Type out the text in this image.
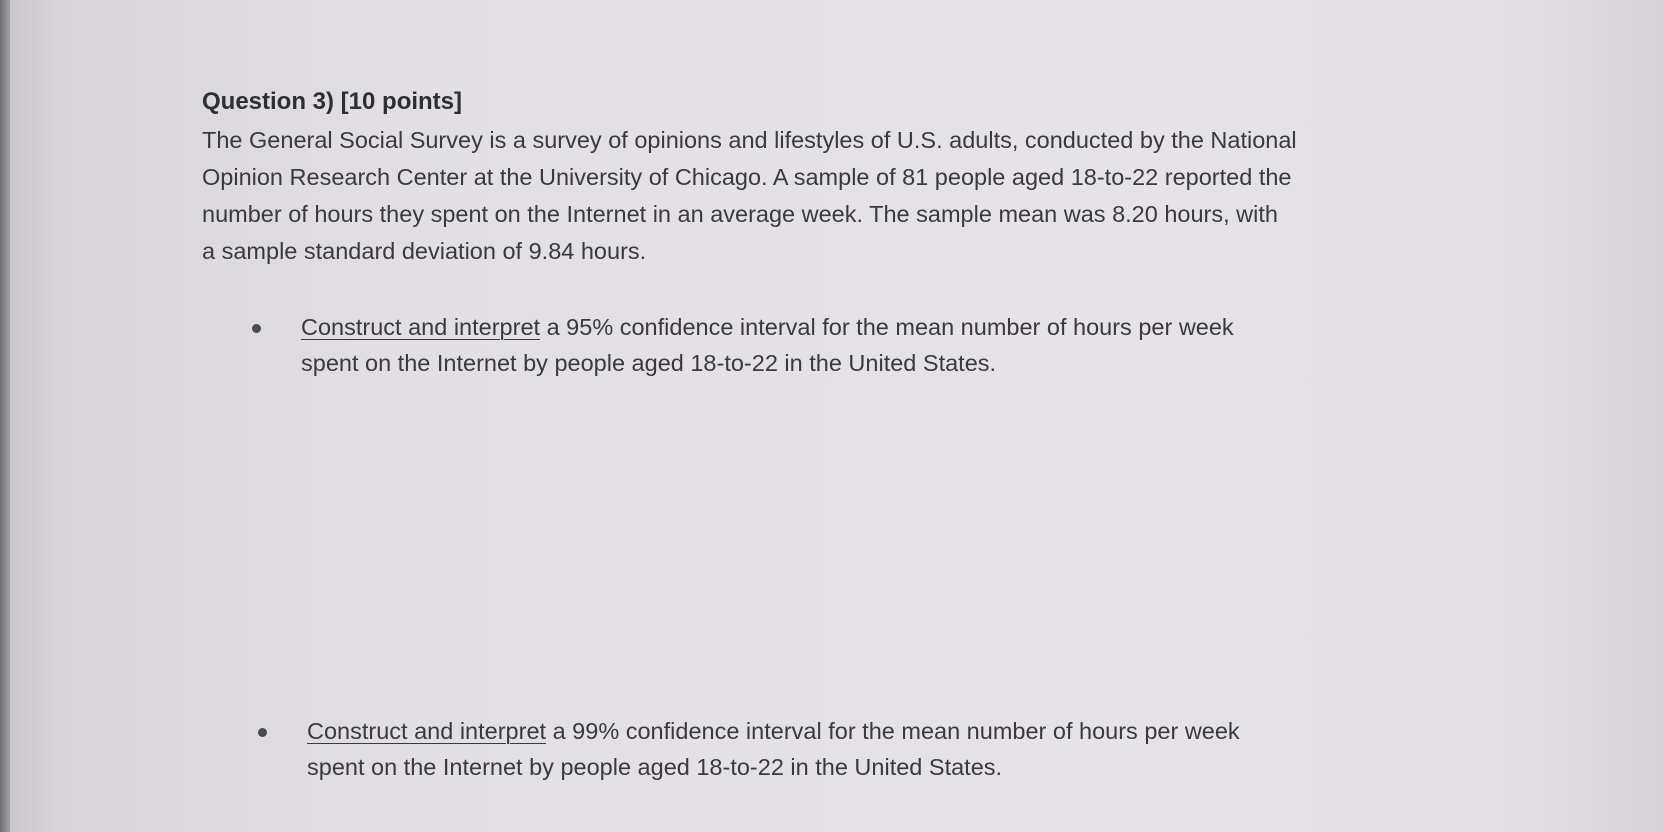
Question 3) [10 points]
The General Social Survey is a survey of opinions and lifestyles of U.S. adults, conducted by the National
Opinion Research Center at the University of Chicago. A sample of 81 people aged 18-to-22 reported the
number of hours they spent on the Internet in an average week. The sample mean was 8.20 hours, with
a sample standard deviation of 9.84 hours.
Construct and interpret a 95% confidence interval for the mean number of hours per week
spent on the Internet by people aged 18-to-22 in the United States.
Construct and interpret a 99% confidence interval for the mean number of hours per week
spent on the Internet by people aged 18-to-22 in the United States.
